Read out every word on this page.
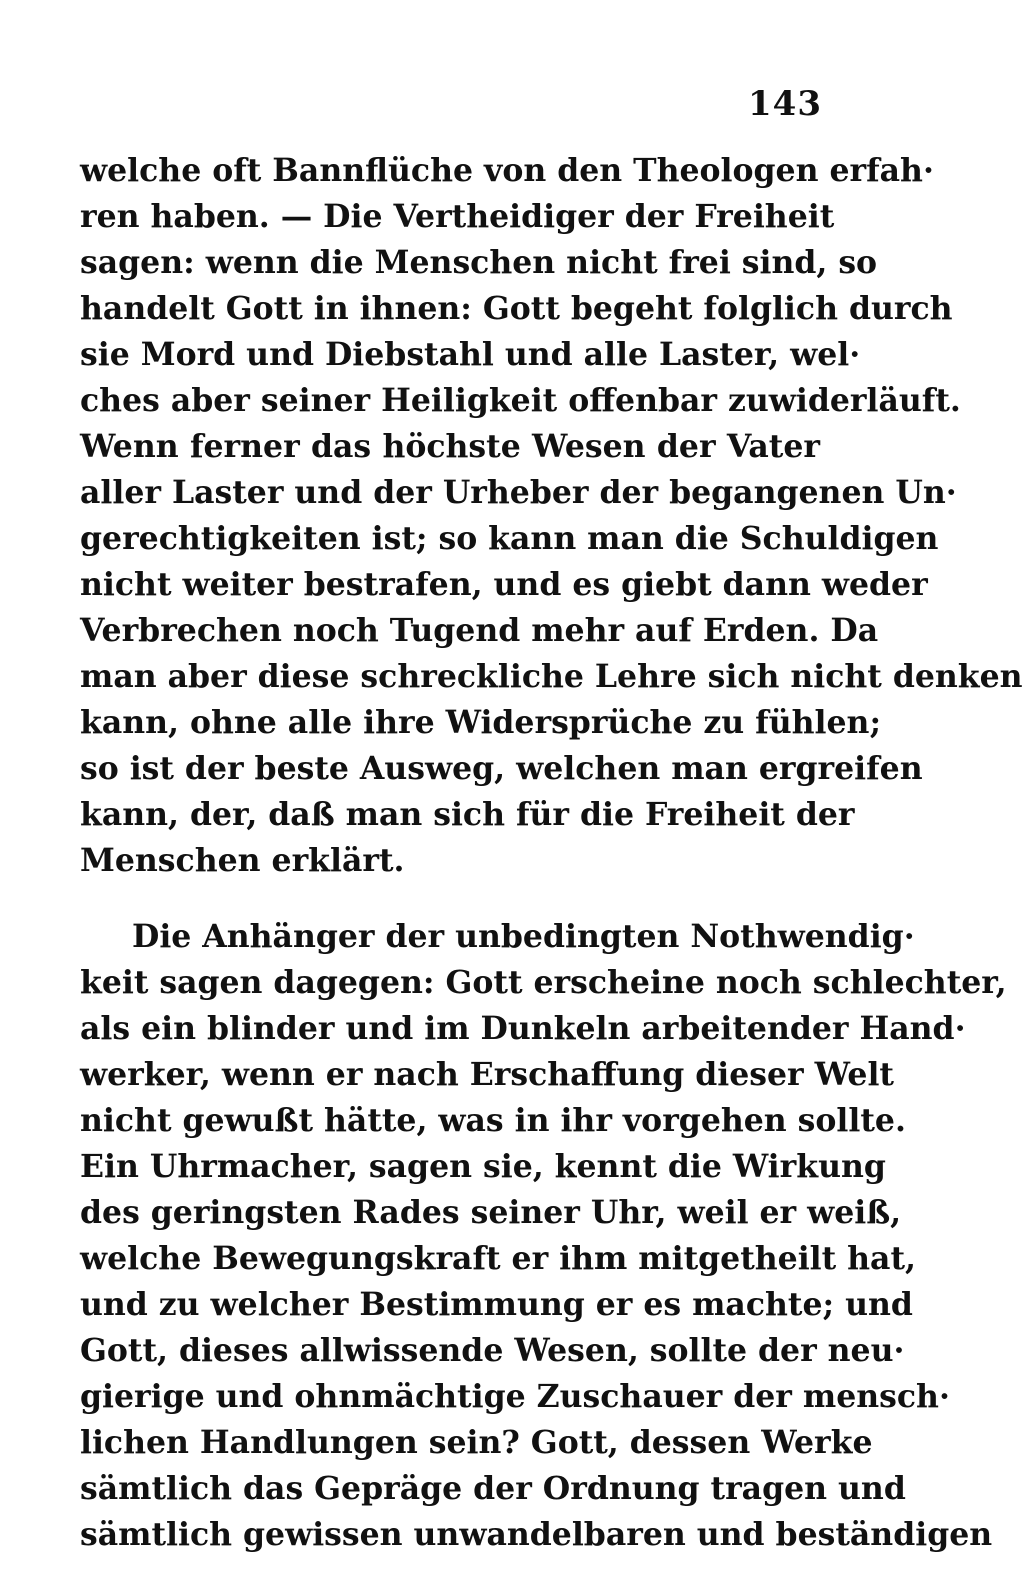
143
welche oft Bannflüche von den Theologen erfah·
ren haben. — Die Vertheidiger der Freiheit
sagen: wenn die Menschen nicht frei sind, so
handelt Gott in ihnen: Gott begeht folglich durch
sie Mord und Diebstahl und alle Laster, wel·
ches aber seiner Heiligkeit offenbar zuwiderläuft.
Wenn ferner das höchste Wesen der Vater
aller Laster und der Urheber der begangenen Un·
gerechtigkeiten ist; so kann man die Schuldigen
nicht weiter bestrafen, und es giebt dann weder
Verbrechen noch Tugend mehr auf Erden. Da
man aber diese schreckliche Lehre sich nicht denken
kann, ohne alle ihre Widersprüche zu fühlen;
so ist der beste Ausweg, welchen man ergreifen
kann, der, daß man sich für die Freiheit der
Menschen erklärt.
Die Anhänger der unbedingten Nothwendig·
keit sagen dagegen: Gott erscheine noch schlechter,
als ein blinder und im Dunkeln arbeitender Hand·
werker, wenn er nach Erschaffung dieser Welt
nicht gewußt hätte, was in ihr vorgehen sollte.
Ein Uhrmacher, sagen sie, kennt die Wirkung
des geringsten Rades seiner Uhr, weil er weiß,
welche Bewegungskraft er ihm mitgetheilt hat,
und zu welcher Bestimmung er es machte; und
Gott, dieses allwissende Wesen, sollte der neu·
gierige und ohnmächtige Zuschauer der mensch·
lichen Handlungen sein? Gott, dessen Werke
sämtlich das Gepräge der Ordnung tragen und
sämtlich gewissen unwandelbaren und beständigen
